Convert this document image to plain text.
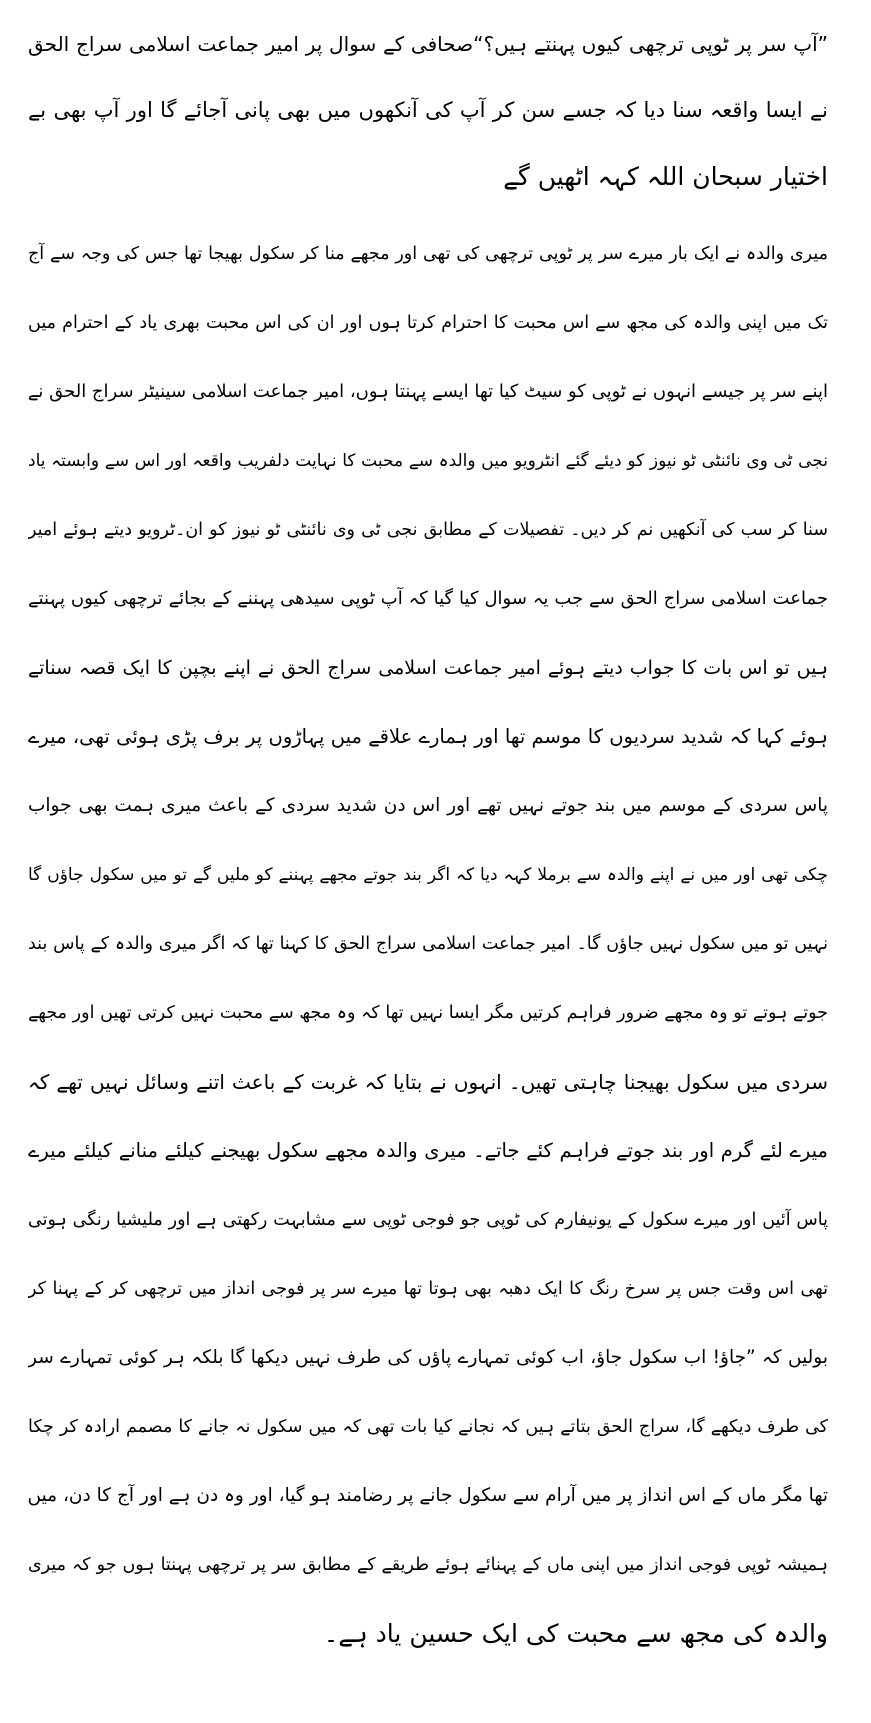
”آپ سر پر ٹوپی ترچھی کیوں پہنتے ہیں؟“صحافی کے سوال پر امیر جماعت اسلامی سراج الحق
نے ایسا واقعہ سنا دیا کہ جسے سن کر آپ کی آنکھوں میں بھی پانی آجائے گا اور آپ بھی بے
اختیار سبحان اللہ کہہ اٹھیں گے
میری والدہ نے ایک بار میرے سر پر ٹوپی ترچھی کی تھی اور مجھے منا کر سکول بھیجا تھا جس کی وجہ سے آج
تک میں اپنی والدہ کی مجھ سے اس محبت کا احترام کرتا ہوں اور ان کی اس محبت بھری یاد کے احترام میں
اپنے سر پر جیسے انہوں نے ٹوپی کو سیٹ کیا تھا ایسے پہنتا ہوں، امیر جماعت اسلامی سینیٹر سراج الحق نے
نجی ٹی وی نائنٹی ٹو نیوز کو دیئے گئے انٹرویو میں والدہ سے محبت کا نہایت دلفریب واقعہ اور اس سے وابستہ یاد
سنا کر سب کی آنکھیں نم کر دیں۔ تفصیلات کے مطابق نجی ٹی وی نائنٹی ٹو نیوز کو ان۔ٹرویو دیتے ہوئے امیر
جماعت اسلامی سراج الحق سے جب یہ سوال کیا گیا کہ آپ ٹوپی سیدھی پہننے کے بجائے ترچھی کیوں پہنتے
ہیں تو اس بات کا جواب دیتے ہوئے امیر جماعت اسلامی سراج الحق نے اپنے بچپن کا ایک قصہ سناتے
ہوئے کہا کہ شدید سردیوں کا موسم تھا اور ہمارے علاقے میں پہاڑوں پر برف پڑی ہوئی تھی، میرے
پاس سردی کے موسم میں بند جوتے نہیں تھے اور اس دن شدید سردی کے باعث میری ہمت بھی جواب
چکی تھی اور میں نے اپنے والدہ سے برملا کہہ دیا کہ اگر بند جوتے مجھے پہننے کو ملیں گے تو میں سکول جاؤں گا
نہیں تو میں سکول نہیں جاؤں گا۔ امیر جماعت اسلامی سراج الحق کا کہنا تھا کہ اگر میری والدہ کے پاس بند
جوتے ہوتے تو وہ مجھے ضرور فراہم کرتیں مگر ایسا نہیں تھا کہ وہ مجھ سے محبت نہیں کرتی تھیں اور مجھے
سردی میں سکول بھیجنا چاہتی تھیں۔ انہوں نے بتایا کہ غربت کے باعث اتنے وسائل نہیں تھے کہ
میرے لئے گرم اور بند جوتے فراہم کئے جاتے۔ میری والدہ مجھے سکول بھیجنے کیلئے منانے کیلئے میرے
پاس آئیں اور میرے سکول کے یونیفارم کی ٹوپی جو فوجی ٹوپی سے مشابہت رکھتی ہے اور ملیشیا رنگی ہوتی
تھی اس وقت جس پر سرخ رنگ کا ایک دھبہ بھی ہوتا تھا میرے سر پر فوجی انداز میں ترچھی کر کے پہنا کر
بولیں کہ ”جاؤ! اب سکول جاؤ، اب کوئی تمہارے پاؤں کی طرف نہیں دیکھا گا بلکہ ہر کوئی تمہارے سر
کی طرف دیکھے گا، سراج الحق بتاتے ہیں کہ نجانے کیا بات تھی کہ میں سکول نہ جانے کا مصمم ارادہ کر چکا
تھا مگر ماں کے اس انداز پر میں آرام سے سکول جانے پر رضامند ہو گیا، اور وہ دن ہے اور آج کا دن، میں
ہمیشہ ٹوپی فوجی انداز میں اپنی ماں کے پہنائے ہوئے طریقے کے مطابق سر پر ترچھی پہنتا ہوں جو کہ میری
والدہ کی مجھ سے محبت کی ایک حسین یاد ہے۔
